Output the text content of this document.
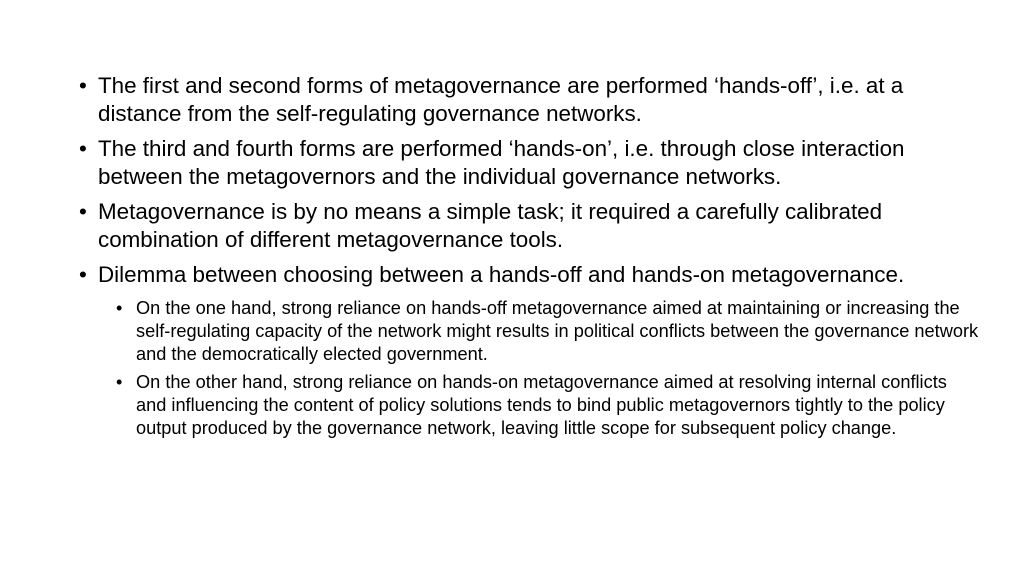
• The first and second forms of metagovernance are performed ‘hands-off’, i.e. at a distance from the self-regulating governance networks.
• The third and fourth forms are performed ‘hands-on’, i.e. through close interaction between the metagovernors and the individual governance networks.
• Metagovernance is by no means a simple task; it required a carefully calibrated combination of different metagovernance tools.
• Dilemma between choosing between a hands-off and hands-on metagovernance.
• On the one hand, strong reliance on hands-off metagovernance aimed at maintaining or increasing the self-regulating capacity of the network might results in political conflicts between the governance network and the democratically elected government.
• On the other hand, strong reliance on hands-on metagovernance aimed at resolving internal conflicts and influencing the content of policy solutions tends to bind public metagovernors tightly to the policy output produced by the governance network, leaving little scope for subsequent policy change.
